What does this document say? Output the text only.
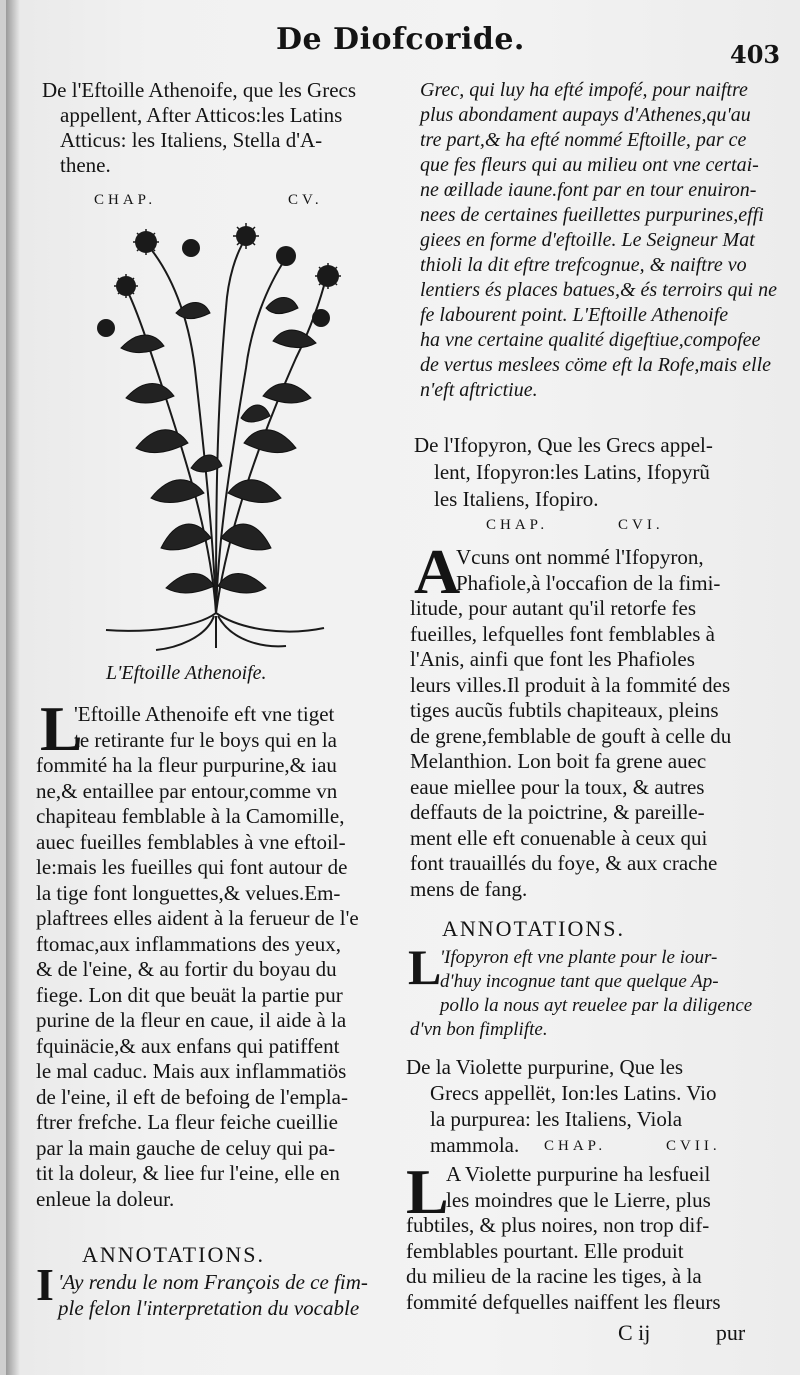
De Diofcoride.	403
De l'Eftoille Athenoife, que les Grecs
appellent, After Atticos:les Latins
Atticus: les Italiens, Stella d'A-
thene.
CHAP.	CV.
L'Eftoille Athenoife.
L
'Eftoille Athenoife eft vne tiget
te retirante fur le boys qui en la
fommité ha la fleur purpurine,& iau
ne,& entaillee par entour,comme vn
chapiteau femblable à la Camomille,
auec fueilles femblables à vne eftoil-
le:mais les fueilles qui font autour de
la tige font longuettes,& velues.Em-
plaftrees elles aident à la ferueur de l'e
ftomac,aux inflammations des yeux,
& de l'eine, & au fortir du boyau du
fiege. Lon dit que beuät la partie pur
purine de la fleur en caue, il aide à la
fquinäcie,& aux enfans qui patiffent
le mal caduc. Mais aux inflammatiös
de l'eine, il eft de befoing de l'empla-
ftrer frefche. La fleur feiche cueillie
par la main gauche de celuy qui pa-
tit la doleur, & liee fur l'eine, elle en
enleue la doleur.
ANNOTATIONS.
I 'Ay rendu le nom François de ce fim-
ple felon l'interpretation du vocable
Grec, qui luy ha efté impofé, pour naiftre
plus abondament aupays d'Athenes,qu'au
tre part,& ha efté nommé Eftoille, par ce
que fes fleurs qui au milieu ont vne certai-
ne œillade iaune.font par en tour enuiron-
nees de certaines fueillettes purpurines,effi
giees en forme d'eftoille. Le Seigneur Mat
thioli la dit eftre trefcognue, & naiftre vo
lentiers és places batues,& és terroirs qui ne
fe labourent point. L'Eftoille Athenoife
ha vne certaine qualité digeftiue,compofee
de vertus meslees cöme eft la Rofe,mais elle
n'eft aftrictiue.
De l'Ifopyron, Que les Grecs appel-
lent, Ifopyron:les Latins, Ifopyrũ
les Italiens, Ifopiro.
CHAP.	CVI.
A
Vcuns ont nommé l'Ifopyron,
Phafiole,à l'occafion de la fimi-
litude, pour autant qu'il retorfe fes
fueilles, lefquelles font femblables à
l'Anis, ainfi que font les Phafioles
leurs villes.Il produit à la fommité des
tiges aucũs fubtils chapiteaux, pleins
de grene,femblable de gouft à celle du
Melanthion. Lon boit fa grene auec
eaue miellee pour la toux, & autres
deffauts de la poictrine, & pareille-
ment elle eft conuenable à ceux qui
font trauaillés du foye, & aux crache
mens de fang.
ANNOTATIONS.
L
'Ifopyron eft vne plante pour le iour-
d'huy incognue tant que quelque Ap-
pollo la nous ayt reuelee par la diligence
d'vn bon fimplifte.
De la Violette purpurine, Que les
Grecs appellët, Ion:les Latins. Vio
la purpurea: les Italiens, Viola
mammola.	CHAP.	CVII.
L
A Violette purpurine ha lesfueil
les moindres que le Lierre, plus
fubtiles, & plus noires, non trop dif-
femblables pourtant. Elle produit
du milieu de la racine les tiges, à la
fommité defquelles naiffent les fleurs
C ij	pur
